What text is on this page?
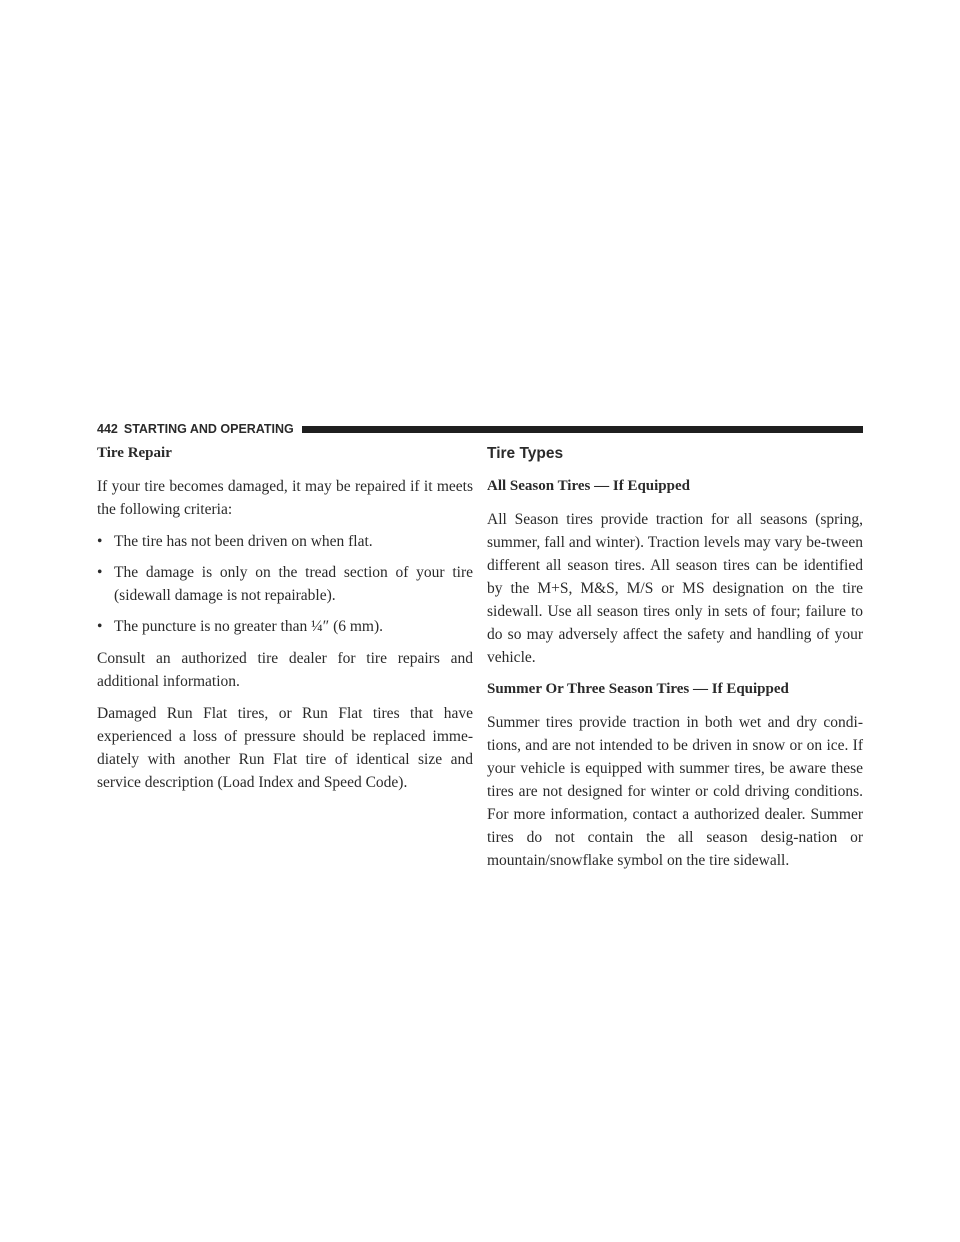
442 STARTING AND OPERATING
Tire Repair

If your tire becomes damaged, it may be repaired if it meets the following criteria:

• The tire has not been driven on when flat.
• The damage is only on the tread section of your tire (sidewall damage is not repairable).
• The puncture is no greater than ¼″ (6 mm).

Consult an authorized tire dealer for tire repairs and additional information.

Damaged Run Flat tires, or Run Flat tires that have experienced a loss of pressure should be replaced imme-diately with another Run Flat tire of identical size and service description (Load Index and Speed Code).

Tire Types
All Season Tires — If Equipped

All Season tires provide traction for all seasons (spring, summer, fall and winter). Traction levels may vary be-tween different all season tires. All season tires can be identified by the M+S, M&S, M/S or MS designation on the tire sidewall. Use all season tires only in sets of four; failure to do so may adversely affect the safety and handling of your vehicle.

Summer Or Three Season Tires — If Equipped

Summer tires provide traction in both wet and dry condi-tions, and are not intended to be driven in snow or on ice. If your vehicle is equipped with summer tires, be aware these tires are not designed for winter or cold driving conditions. For more information, contact a authorized dealer. Summer tires do not contain the all season desig-nation or mountain/snowflake symbol on the tire sidewall.
